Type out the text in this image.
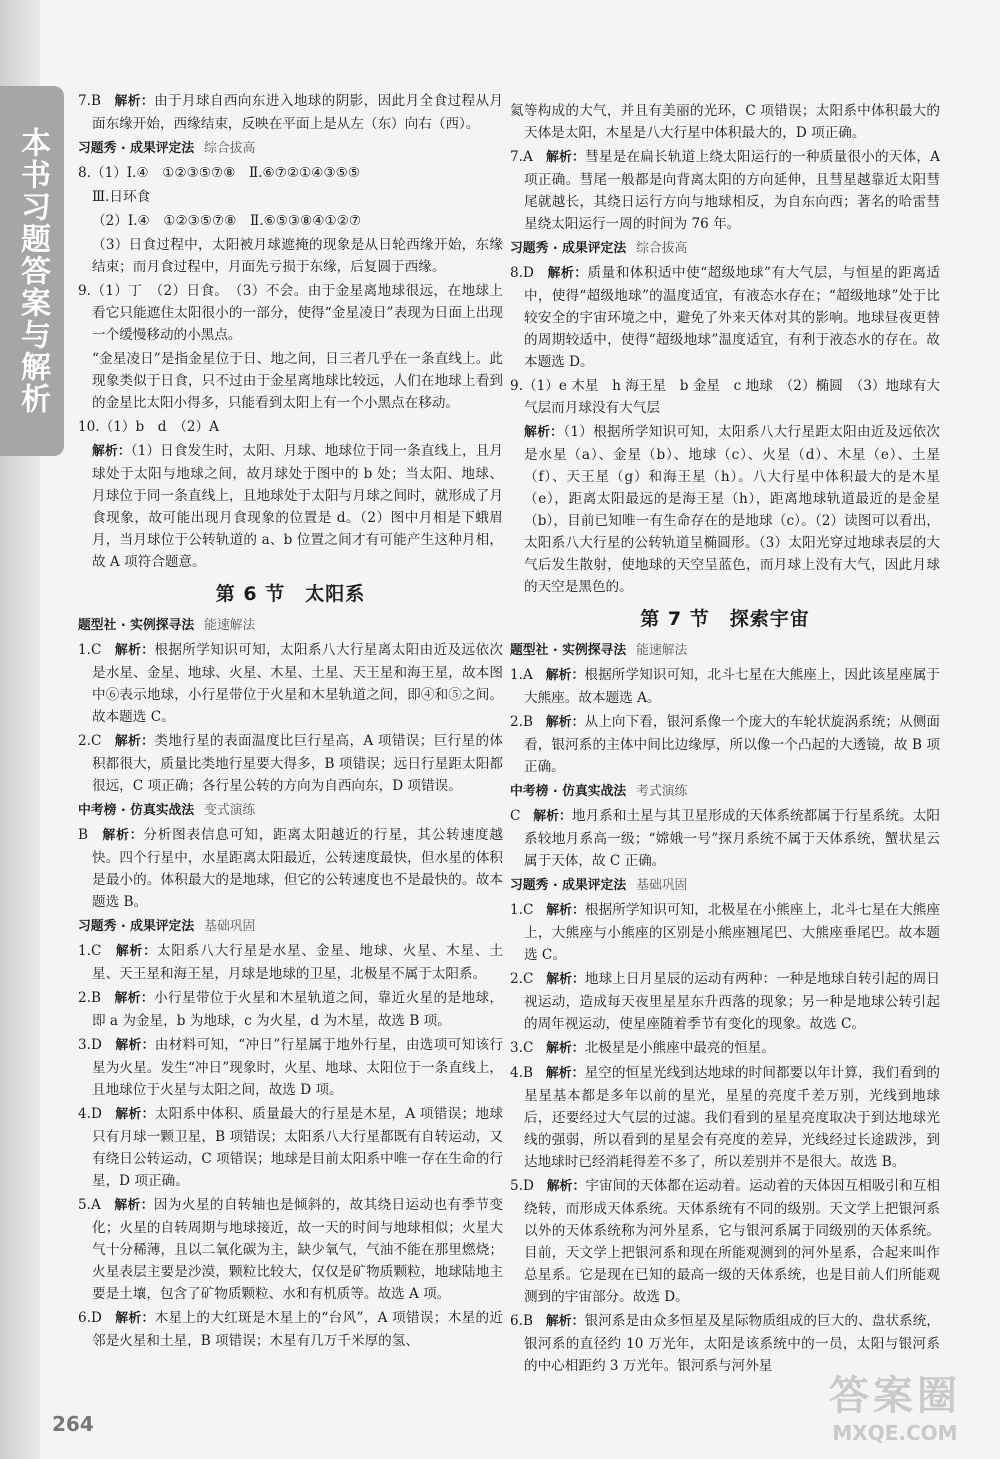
本书习题答案与解析
7.B　解析：由于月球自西向东进入地球的阴影，因此月全食过程从月面东缘开始，西缘结束，反映在平面上是从左（东）向右（西）。
习题秀 · 成果评定法 综合拔高
8.（1）Ⅰ.④　①②③⑤⑦⑧　Ⅱ.⑥⑦②①④③⑤⑤
Ⅲ.日环食
（2）Ⅰ.④　①②③⑤⑦⑧　Ⅱ.⑥⑤③⑧④①②⑦
（3）日食过程中，太阳被月球遮掩的现象是从日轮西缘开始，东缘结束；而月食过程中，月面先亏损于东缘，后复圆于西缘。
9.（1）丁　（2）日食。　（3）不会。由于金星离地球很远，在地球上看它只能遮住太阳很小的一部分，使得“金星凌日”表现为日面上出现一个缓慢移动的小黑点。
“金星凌日”是指金星位于日、地之间，日三者几乎在一条直线上。此现象类似于日食，只不过由于金星离地球比较远，人们在地球上看到的金星比太阳小得多，只能看到太阳上有一个小黑点在移动。
10.（1）b　d　（2）A
解析：（1）日食发生时，太阳、月球、地球位于同一条直线上，且月球处于太阳与地球之间，故月球处于图中的 b 处；当太阳、地球、月球位于同一条直线上，且地球处于太阳与月球之间时，就形成了月食现象，故可能出现月食现象的位置是 d。（2）图中月相是下蛾眉月，当月球位于公转轨道的 a、b 位置之间才有可能产生这种月相，故 A 项符合题意。
第 6 节　太阳系
题型社 · 实例探寻法 能速解法
1.C　解析：根据所学知识可知，太阳系八大行星离太阳由近及远依次是水星、金星、地球、火星、木星、土星、天王星和海王星，故本图中⑥表示地球，小行星带位于火星和木星轨道之间，即④和⑤之间。故本题选 C。
2.C　解析：类地行星的表面温度比巨行星高，A 项错误；巨行星的体积都很大，质量比类地行星要大得多，B 项错误；远日行星距太阳都很远，C 项正确；各行星公转的方向为自西向东，D 项错误。
中考榜 · 仿真实战法 变式演练
B　解析：分析图表信息可知，距离太阳越近的行星，其公转速度越快。四个行星中，水星距离太阳最近，公转速度最快，但水星的体积是最小的。体积最大的是地球，但它的公转速度也不是最快的。故本题选 B。
习题秀 · 成果评定法 基础巩固
1.C　解析：太阳系八大行星是水星、金星、地球、火星、木星、土星、天王星和海王星，月球是地球的卫星，北极星不属于太阳系。
2.B　解析：小行星带位于火星和木星轨道之间，靠近火星的是地球，即 a 为金星，b 为地球，c 为火星，d 为木星，故选 B 项。
3.D　解析：由材料可知，“冲日”行星属于地外行星，由选项可知该行星为火星。发生“冲日”现象时，火星、地球、太阳位于一条直线上，且地球位于火星与太阳之间，故选 D 项。
4.D　解析：太阳系中体积、质量最大的行星是木星，A 项错误；地球只有月球一颗卫星，B 项错误；太阳系八大行星都既有自转运动，又有绕日公转运动，C 项错误；地球是目前太阳系中唯一存在生命的行星，D 项正确。
5.A　解析：因为火星的自转轴也是倾斜的，故其绕日运动也有季节变化；火星的自转周期与地球接近，故一天的时间与地球相似；火星大气十分稀薄，且以二氧化碳为主，缺少氧气，气油不能在那里燃烧；火星表层主要是沙漠，颗粒比较大，仅仅是矿物质颗粒，地球陆地主要是土壤，包含了矿物质颗粒、水和有机质等。故选 A 项。
6.D　解析：木星上的大红斑是木星上的“台风”，A 项错误；木星的近邻是火星和土星，B 项错误；木星有几万千米厚的氢、
氦等构成的大气，并且有美丽的光环，C 项错误；太阳系中体积最大的天体是太阳，木星是八大行星中体积最大的，D 项正确。
7.A　解析：彗星是在扁长轨道上绕太阳运行的一种质量很小的天体，A 项正确。彗尾一般都是向背离太阳的方向延伸，且彗星越靠近太阳彗尾就越长，其绕日运行方向与地球相反，为自东向西；著名的哈雷彗星绕太阳运行一周的时间为 76 年。
习题秀 · 成果评定法 综合拔高
8.D　解析：质量和体积适中使“超级地球”有大气层，与恒星的距离适中，使得“超级地球”的温度适宜，有液态水存在；“超级地球”处于比较安全的宇宙环境之中，避免了外来天体对其的影响。地球昼夜更替的周期较适中，使得“超级地球”温度适宜，有利于液态水的存在。故本题选 D。
9.（1）e 木星　h 海王星　b 金星　c 地球　（2）椭圆　（3）地球有大气层而月球没有大气层
解析：（1）根据所学知识可知，太阳系八大行星距太阳由近及远依次是水星（a）、金星（b）、地球（c）、火星（d）、木星（e）、土星（f）、天王星（g）和海王星（h）。八大行星中体积最大的是木星（e），距离太阳最远的是海王星（h），距离地球轨道最近的是金星（b），目前已知唯一有生命存在的是地球（c）。（2）读图可以看出，太阳系八大行星的公转轨道呈椭圆形。（3）太阳光穿过地球表层的大气后发生散射，使地球的天空呈蓝色，而月球上没有大气，因此月球的天空是黑色的。
第 7 节　探索宇宙
题型社 · 实例探寻法 能速解法
1.A　解析：根据所学知识可知，北斗七星在大熊座上，因此该星座属于大熊座。故本题选 A。
2.B　解析：从上向下看，银河系像一个庞大的车轮状旋涡系统；从侧面看，银河系的主体中间比边缘厚，所以像一个凸起的大透镜，故 B 项正确。
中考榜 · 仿真实战法 考式演练
C　解析：地月系和土星与其卫星形成的天体系统都属于行星系统。太阳系较地月系高一级；“嫦娥一号”探月系统不属于天体系统，蟹状星云属于天体，故 C 正确。
习题秀 · 成果评定法 基础巩固
1.C　解析：根据所学知识可知，北极星在小熊座上，北斗七星在大熊座上，大熊座与小熊座的区别是小熊座翘尾巴、大熊座垂尾巴。故本题选 C。
2.C　解析：地球上日月星辰的运动有两种：一种是地球自转引起的周日视运动，造成每天夜里星星东升西落的现象；另一种是地球公转引起的周年视运动，使星座随着季节有变化的现象。故选 C。
3.C　解析：北极星是小熊座中最亮的恒星。
4.B　解析：星空的恒星光线到达地球的时间都要以年计算，我们看到的星星基本都是多年以前的星光，星星的亮度千差万别，光线到地球后，还要经过大气层的过滤。我们看到的星星亮度取决于到达地球光线的强弱，所以看到的星星会有亮度的差异，光线经过长途跋涉，到达地球时已经消耗得差不多了，所以差别并不是很大。故选 B。
5.D　解析：宇宙间的天体都在运动着。运动着的天体因互相吸引和互相绕转，而形成天体系统。天体系统有不同的级别。天文学上把银河系以外的天体系统称为河外星系，它与银河系属于同级别的天体系统。目前，天文学上把银河系和现在所能观测到的河外星系，合起来叫作总星系。它是现在已知的最高一级的天体系统，也是目前人们所能观测到的宇宙部分。故选 D。
6.B　解析：银河系是由众多恒星及星际物质组成的巨大的、盘状系统，银河系的直径约 10 万光年，太阳是该系统中的一员，太阳与银河系的中心相距约 3 万光年。银河系与河外星
264
答案圈
MXQE.COM
